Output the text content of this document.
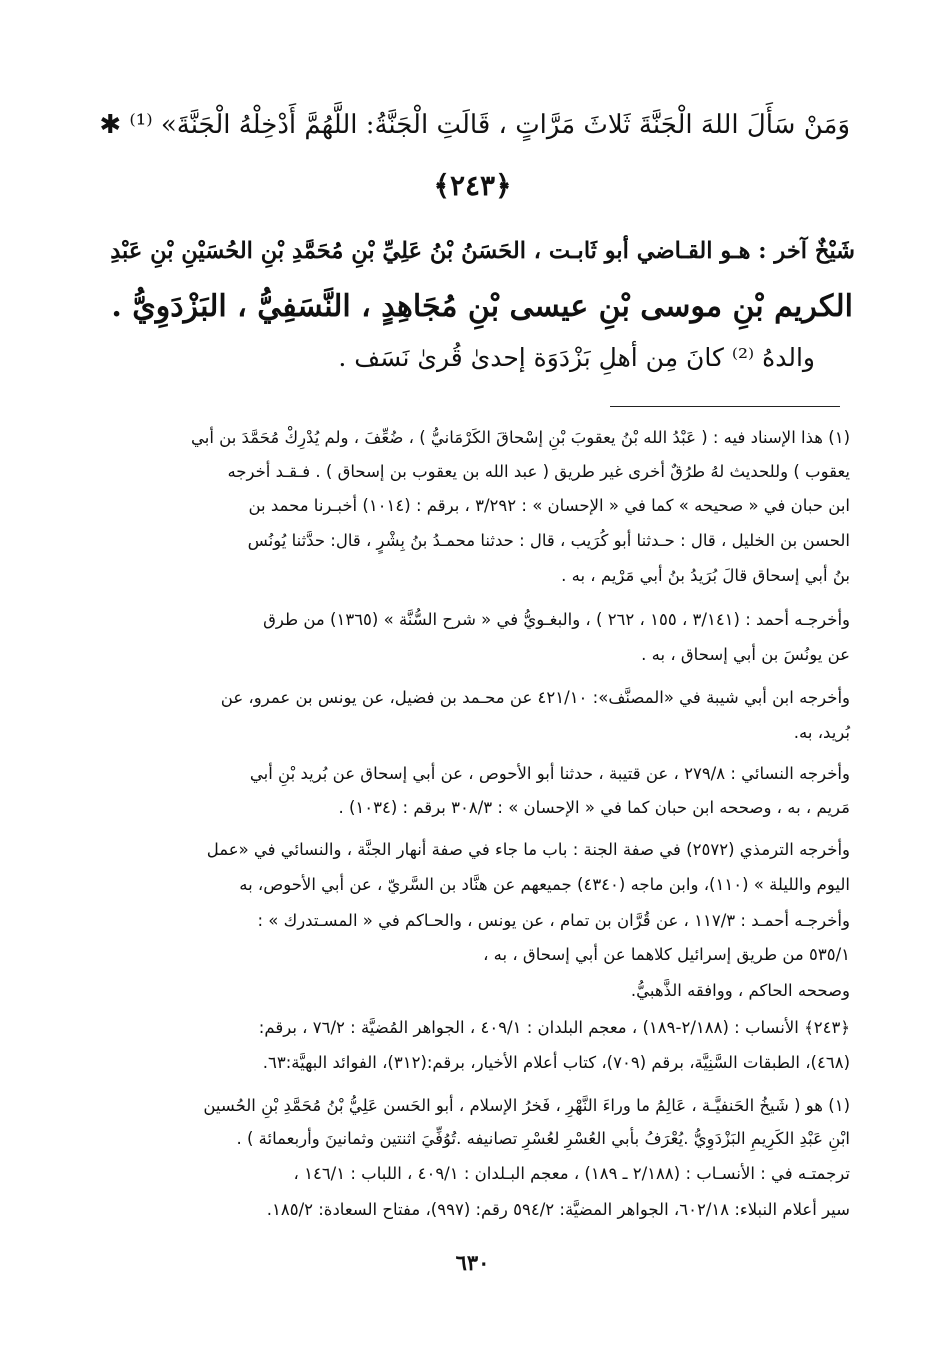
وَمَنْ سَأَلَ اللهَ الْجَنَّةَ ثَلاثَ مَرَّاتٍ ، قَالَتِ الْجَنَّةُ: اللَّهُمَّ أَدْخِلْهُ الْجَنَّةَ» ⁽¹⁾ ✱
﴿٢٤٣﴾
شَيْخٌ آخر : هـو القـاضي أبو ثَابـت ، الحَسَنُ بْنُ عَلِيِّ بْنِ مُحَمَّدِ بْنِ الحُسَيْنِ بْنِ عَبْدِ
الكريم بْنِ موسى بْنِ عيسى بْنِ مُجَاهِدٍ ، النَّسَفِيُّ ، البَزْدَوِيُّ .
والدهُ ⁽²⁾ كانَ مِن أهلِ بَزْدَوَة إحدىٰ قُرىٰ نَسَف .
(١) هذا الإسناد فيه : ( عَبْدُ الله بْنُ يعقوبَ بْنِ إسْحاقَ الكَرْمَانيُّ ) ، ضُعِّفَ ، ولم يُدْرِكْ مُحَمَّدَ بن أبي
يعقوب ) وللحديث لهُ طرُقٌ أخرى غير طريق ( عبد الله بن يعقوب بن إسحاق ) . فـقـد أخرجه
ابن حبان في « صحيحه » كما في « الإحسان » : ٣/٢٩٢ ، برقم : (١٠١٤) أخبـرنا محمد بن
الحسن بن الخليل ، قال : حـدثنا أبو كُرَيب ، قال : حدثنا محمـدُ بنُ بِشْرٍ ، قال: حدَّثنا يُونُس
بنُ أبي إسحاق قالَ بُرَيدُ بنُ أبي مَرْيم ، به .
وأخرجـه أحمد : (٣/١٤١ ، ١٥٥ ، ٢٦٢ ) ، والبغـويُّ في « شرح السُّنَّة » (١٣٦٥) من طرق
عن يونُسَ بن أبي إسحاق ، به .
وأخرجه ابن أبي شيبة في «المصنَّف»: ٤٢١/١٠ عن محـمد بن فضيل، عن يونس بن عمرو، عن
بُريد، به.
وأخرجه النسائي : ٢٧٩/٨ ، عن قتيبة ، حدثنا أبو الأحوص ، عن أبي إسحاق عن بُريد بْنِ أبي
مَريم ، به ، وصححه ابن حبان كما في « الإحسان » : ٣٠٨/٣ برقم : (١٠٣٤) .
وأخرجه الترمذي (٢٥٧٢) في صفة الجنة : باب ما جاء في صفة أنهار الجنَّة ، والنسائي في «عمل
اليوم والليلة » (١١٠)، وابن ماجه (٤٣٤٠) جميعهم عن هنَّاد بن السَّريّ ، عن أبي الأحوص، به
وأخرجـه أحمـد : ١١٧/٣ ، عن قُرَّان بن تمام ، عن يونس ، والحـاكم في « المسـتدرك » :
٥٣٥/١ من طريق إسرائيل كلاهما عن أبي إسحاق ، به ،
وصححه الحاكم ، ووافقه الذَّهبيُّ.
﴿٢٤٣﴾ الأنساب : (٢/١٨٨-١٨٩) ، معجم البلدان : ٤٠٩/١ ، الجواهر المُضيَّة : ٧٦/٢ ، برقم:
(٤٦٨)، الطبقات السَّنِيَّة، برقم (٧٠٩)، كتاب أعلام الأخيار، برقم:(٣١٢)، الفوائد البهيَّة:٦٣.
(١) هو ( شَيخُ الحَنفيَّـة ، عَالِمُ ما وراءَ النَّهْرِ ، فَخرُ الإسلام ، أبو الحَسن عَلِيُّ بْنُ مُحَمَّدِ بْنِ الحُسين
ابْنِ عَبْدِ الكَرِيمِ البَزْدَوِيُّ .يُعْرَفُ بأبي العُسْرِ لعُسْرِ تصانيفه .تُوُفِّيَ اثنتين وثمانينَ وأربعمائة ) .
ترجمتـه في : الأنسـاب : (٢/١٨٨ ـ ١٨٩) ، معجم البـلدان : ٤٠٩/١ ، اللباب : ١٤٦/١ ،
سير أعلام النبلاء: ٦٠٢/١٨، الجواهر المضيَّة: ٥٩٤/٢ رقم: (٩٩٧)، مفتاح السعادة: ١٨٥/٢.
٦٣٠
